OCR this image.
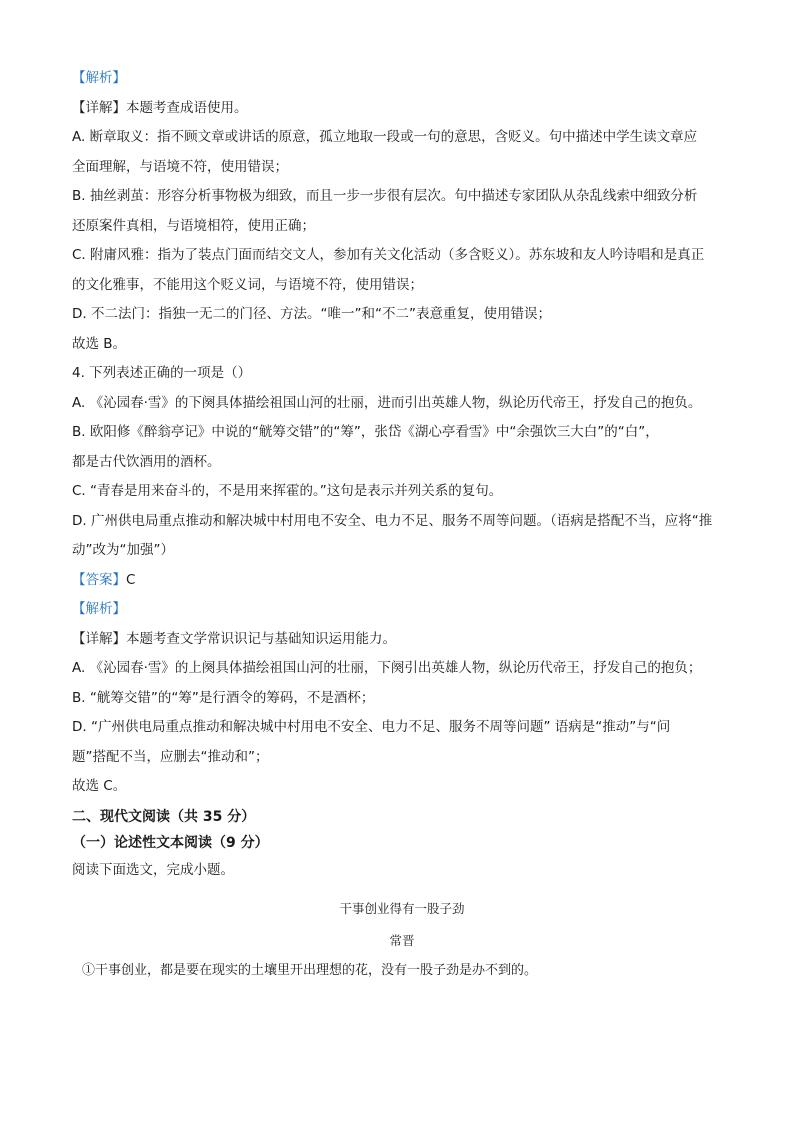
【解析】
【详解】本题考查成语使用。
A. 断章取义：指不顾文章或讲话的原意，孤立地取一段或一句的意思，含贬义。句中描述中学生读文章应
全面理解，与语境不符，使用错误；
B. 抽丝剥茧：形容分析事物极为细致，而且一步一步很有层次。句中描述专家团队从杂乱线索中细致分析
还原案件真相，与语境相符，使用正确；
C. 附庸风雅：指为了装点门面而结交文人，参加有关文化活动（多含贬义）。苏东坡和友人吟诗唱和是真正
的文化雅事，不能用这个贬义词，与语境不符，使用错误；
D. 不二法门：指独一无二的门径、方法。“唯一”和“不二”表意重复，使用错误；
故选 B。
4. 下列表述正确的一项是（）
A. 《沁园春·雪》的下阕具体描绘祖国山河的壮丽，进而引出英雄人物，纵论历代帝王，抒发自己的抱负。
B. 欧阳修《醉翁亭记》中说的“觥筹交错”的“筹”，张岱《湖心亭看雪》中“余强饮三大白”的“白”，
都是古代饮酒用的酒杯。
C. “青春是用来奋斗的，不是用来挥霍的。”这句是表示并列关系的复句。
D. 广州供电局重点推动和解决城中村用电不安全、电力不足、服务不周等问题。（语病是搭配不当，应将“推
动”改为“加强”）
【答案】C
【解析】
【详解】本题考查文学常识识记与基础知识运用能力。
A. 《沁园春·雪》的上阕具体描绘祖国山河的壮丽，下阕引出英雄人物，纵论历代帝王，抒发自己的抱负；
B. “觥筹交错”的“筹”是行酒令的筹码，不是酒杯；
D. “广州供电局重点推动和解决城中村用电不安全、电力不足、服务不周等问题” 语病是“推动”与“问
题”搭配不当，应删去“推动和”；
故选 C。
二、现代文阅读（共 35 分）
（一）论述性文本阅读（9 分）
阅读下面选文，完成小题。
干事创业得有一股子劲
常晋
①干事创业，都是要在现实的土壤里开出理想的花，没有一股子劲是办不到的。
